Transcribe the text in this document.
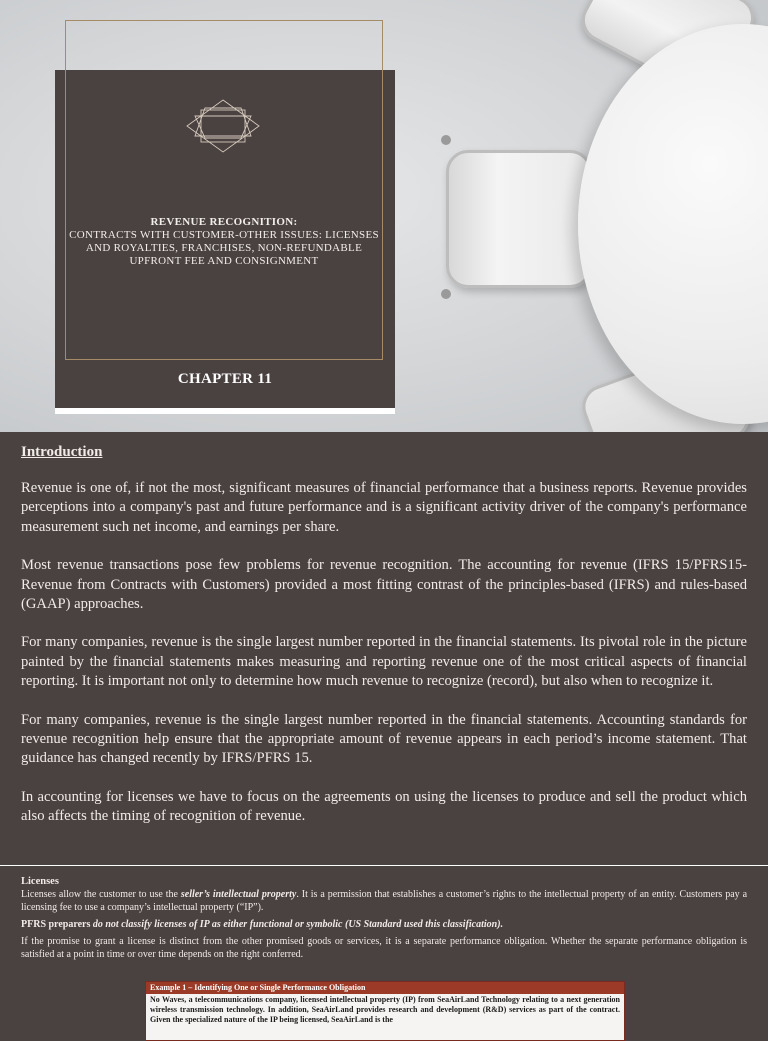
REVENUE RECOGNITION:
CONTRACTS WITH CUSTOMER-OTHER ISSUES: LICENSES AND ROYALTIES, FRANCHISES, NON-REFUNDABLE UPFRONT FEE AND CONSIGNMENT

CHAPTER 11
Introduction

Revenue is one of, if not the most, significant measures of financial performance that a business reports. Revenue provides perceptions into a company's past and future performance and is a significant activity driver of the company's performance measurement such net income, and earnings per share.

Most revenue transactions pose few problems for revenue recognition. The accounting for revenue (IFRS 15/PFRS15- Revenue from Contracts with Customers) provided a most fitting contrast of the principles-based (IFRS) and rules-based (GAAP) approaches.

For many companies, revenue is the single largest number reported in the financial statements. Its pivotal role in the picture painted by the financial statements makes measuring and reporting revenue one of the most critical aspects of financial reporting. It is important not only to determine how much revenue to recognize (record), but also when to recognize it.

For many companies, revenue is the single largest number reported in the financial statements. Accounting standards for revenue recognition help ensure that the appropriate amount of revenue appears in each period’s income statement. That guidance has changed recently by IFRS/PFRS 15.

In accounting for licenses we have to focus on the agreements on using the licenses to produce and sell the product which also affects the timing of recognition of revenue.

Licenses

Licenses allow the customer to use the seller’s intellectual property. It is a permission that establishes a customer’s rights to the intellectual property of an entity. Customers pay a licensing fee to use a company’s intellectual property (“IP”).

PFRS preparers do not classify licenses of IP as either functional or symbolic (US Standard used this classification).

If the promise to grant a license is distinct from the other promised goods or services, it is a separate performance obligation. Whether the separate performance obligation is satisfied at a point in time or over time depends on the right conferred.

Example 1 – Identifying One or Single Performance Obligation
No Waves, a telecommunications company, licensed intellectual property (IP) from SeaAirLand Technology relating to a next generation wireless transmission technology. In addition, SeaAirLand provides research and development (R&D) services as part of the contract. Given the specialized nature of the IP being licensed, SeaAirLand is the
